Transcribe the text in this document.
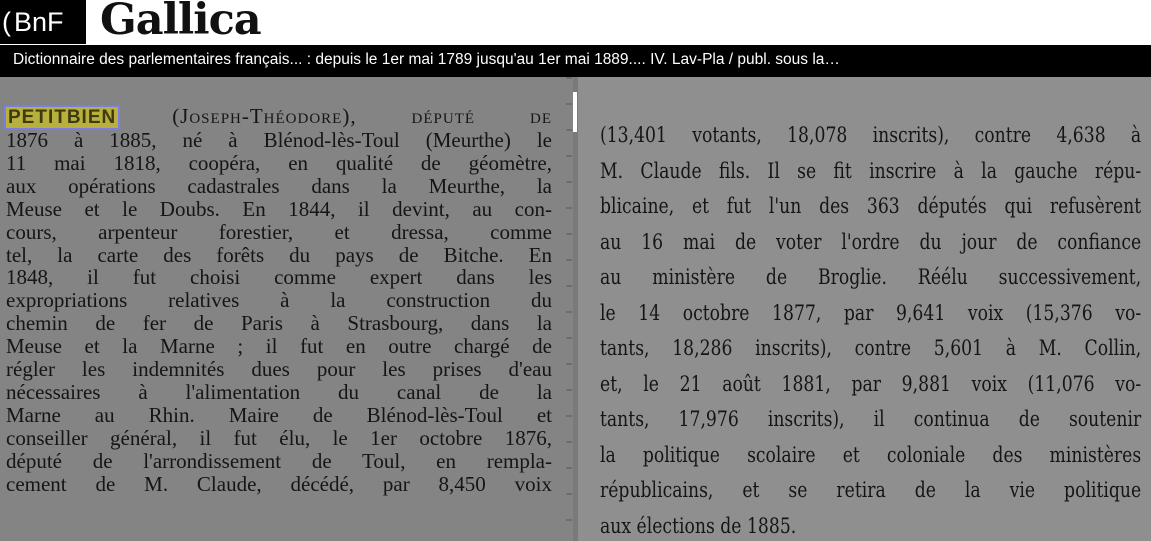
( BnF Gallica
Dictionnaire des parlementaires français... : depuis le 1er mai 1789 jusqu'au 1er mai 1889.... IV. Lav-Pla / publ. sous la…
PETITBIEN	(Joseph-Théodore), député de
1876 à 1885, né à Blénod-lès-Toul (Meurthe) le
11 mai 1818, coopéra, en qualité de géomètre,
aux opérations cadastrales dans la Meurthe, la
Meuse et le Doubs. En 1844, il devint, au con-
cours, arpenteur forestier, et dressa, comme
tel, la carte des forêts du pays de Bitche. En
1848, il fut choisi comme expert dans les
expropriations relatives à la construction du
chemin de fer de Paris à Strasbourg, dans la
Meuse et la Marne ; il fut en outre chargé de
régler les indemnités dues pour les prises d'eau
nécessaires à l'alimentation du canal de la
Marne au Rhin. Maire de Blénod-lès-Toul et
conseiller général, il fut élu, le 1er octobre 1876,
député de l'arrondissement de Toul, en rempla-
cement de M. Claude, décédé, par 8,450 voix
(13,401 votants, 18,078 inscrits), contre 4,638 à
M. Claude fils. Il se fit inscrire à la gauche répu-
blicaine, et fut l'un des 363 députés qui refusèrent
au 16 mai de voter l'ordre du jour de confiance
au ministère de Broglie. Réélu successivement,
le 14 octobre 1877, par 9,641 voix (15,376 vo-
tants, 18,286 inscrits), contre 5,601 à M. Collin,
et, le 21 août 1881, par 9,881 voix (11,076 vo-
tants, 17,976 inscrits), il continua de soutenir
la politique scolaire et coloniale des ministères
républicains, et se retira de la vie politique
aux élections de 1885.
